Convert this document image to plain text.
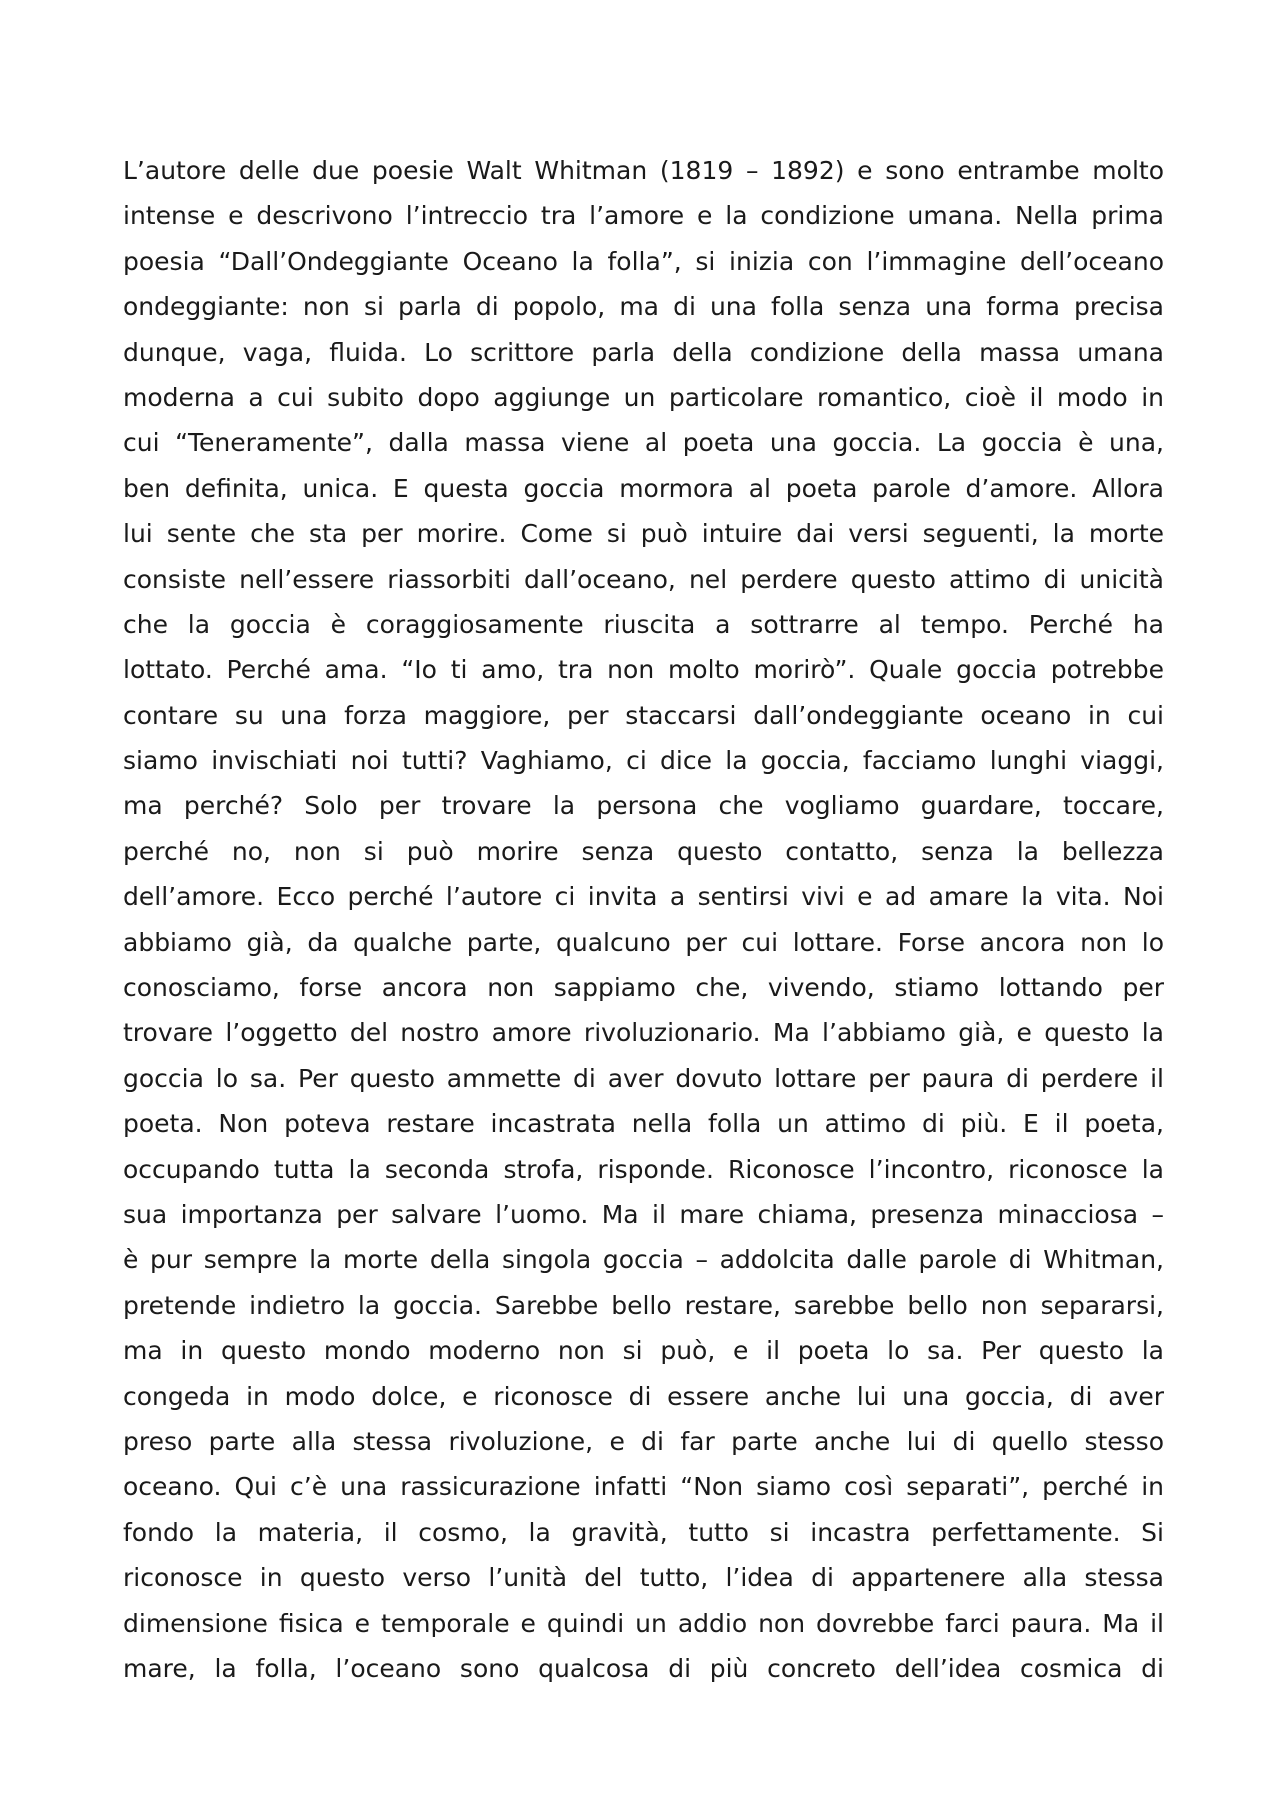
L’autore delle due poesie Walt Whitman (1819 – 1892) e sono entrambe molto
intense e descrivono l’intreccio tra l’amore e la condizione umana. Nella prima
poesia “Dall’Ondeggiante Oceano la folla”, si inizia con l’immagine dell’oceano
ondeggiante: non si parla di popolo, ma di una folla senza una forma precisa
dunque, vaga, fluida. Lo scrittore parla della condizione della massa umana
moderna a cui subito dopo aggiunge un particolare romantico, cioè il modo in
cui “Teneramente”, dalla massa viene al poeta una goccia. La goccia è una,
ben definita, unica. E questa goccia mormora al poeta parole d’amore. Allora
lui sente che sta per morire. Come si può intuire dai versi seguenti, la morte
consiste nell’essere riassorbiti dall’oceano, nel perdere questo attimo di unicità
che la goccia è coraggiosamente riuscita a sottrarre al tempo. Perché ha
lottato. Perché ama. “Io ti amo, tra non molto morirò”. Quale goccia potrebbe
contare su una forza maggiore, per staccarsi dall’ondeggiante oceano in cui
siamo invischiati noi tutti? Vaghiamo, ci dice la goccia, facciamo lunghi viaggi,
ma perché? Solo per trovare la persona che vogliamo guardare, toccare,
perché no, non si può morire senza questo contatto, senza la bellezza
dell’amore. Ecco perché l’autore ci invita a sentirsi vivi e ad amare la vita. Noi
abbiamo già, da qualche parte, qualcuno per cui lottare. Forse ancora non lo
conosciamo, forse ancora non sappiamo che, vivendo, stiamo lottando per
trovare l’oggetto del nostro amore rivoluzionario. Ma l’abbiamo già, e questo la
goccia lo sa. Per questo ammette di aver dovuto lottare per paura di perdere il
poeta. Non poteva restare incastrata nella folla un attimo di più. E il poeta,
occupando tutta la seconda strofa, risponde. Riconosce l’incontro, riconosce la
sua importanza per salvare l’uomo. Ma il mare chiama, presenza minacciosa –
è pur sempre la morte della singola goccia – addolcita dalle parole di Whitman,
pretende indietro la goccia. Sarebbe bello restare, sarebbe bello non separarsi,
ma in questo mondo moderno non si può, e il poeta lo sa. Per questo la
congeda in modo dolce, e riconosce di essere anche lui una goccia, di aver
preso parte alla stessa rivoluzione, e di far parte anche lui di quello stesso
oceano. Qui c’è una rassicurazione infatti “Non siamo così separati”, perché in
fondo la materia, il cosmo, la gravità, tutto si incastra perfettamente. Si
riconosce in questo verso l’unità del tutto, l’idea di appartenere alla stessa
dimensione fisica e temporale e quindi un addio non dovrebbe farci paura. Ma il
mare, la folla, l’oceano sono qualcosa di più concreto dell’idea cosmica di
